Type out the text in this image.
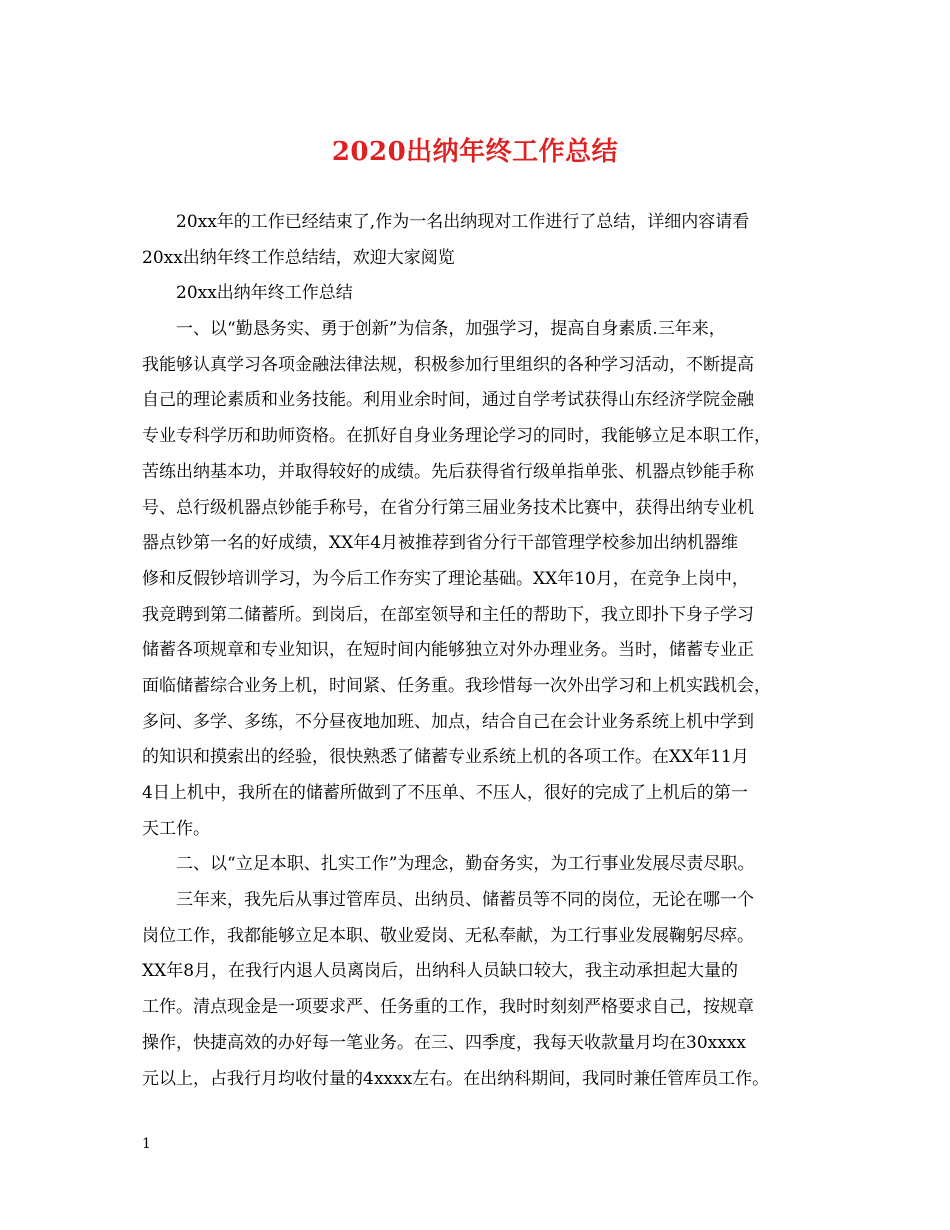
2020出纳年终工作总结
20xx年的工作已经结束了,作为一名出纳现对工作进行了总结，详细内容请看
20xx出纳年终工作总结结，欢迎大家阅览
20xx出纳年终工作总结
一、以“勤恳务实、勇于创新”为信条，加强学习，提高自身素质.三年来，
我能够认真学习各项金融法律法规，积极参加行里组织的各种学习活动，不断提高
自己的理论素质和业务技能。利用业余时间，通过自学考试获得山东经济学院金融
专业专科学历和助师资格。在抓好自身业务理论学习的同时，我能够立足本职工作，
苦练出纳基本功，并取得较好的成绩。先后获得省行级单指单张、机器点钞能手称
号、总行级机器点钞能手称号，在省分行第三届业务技术比赛中，获得出纳专业机
器点钞第一名的好成绩，XX年4月被推荐到省分行干部管理学校参加出纳机器维
修和反假钞培训学习，为今后工作夯实了理论基础。XX年10月，在竞争上岗中，
我竞聘到第二储蓄所。到岗后，在部室领导和主任的帮助下，我立即扑下身子学习
储蓄各项规章和专业知识，在短时间内能够独立对外办理业务。当时，储蓄专业正
面临储蓄综合业务上机，时间紧、任务重。我珍惜每一次外出学习和上机实践机会，
多问、多学、多练，不分昼夜地加班、加点，结合自己在会计业务系统上机中学到
的知识和摸索出的经验，很快熟悉了储蓄专业系统上机的各项工作。在XX年11月
4日上机中，我所在的储蓄所做到了不压单、不压人，很好的完成了上机后的第一
天工作。
二、以“立足本职、扎实工作”为理念，勤奋务实，为工行事业发展尽责尽职。
三年来，我先后从事过管库员、出纳员、储蓄员等不同的岗位，无论在哪一个
岗位工作，我都能够立足本职、敬业爱岗、无私奉献，为工行事业发展鞠躬尽瘁。
XX年8月，在我行内退人员离岗后，出纳科人员缺口较大，我主动承担起大量的
工作。清点现金是一项要求严、任务重的工作，我时时刻刻严格要求自己，按规章
操作，快捷高效的办好每一笔业务。在三、四季度，我每天收款量月均在30xxxx
元以上，占我行月均收付量的4xxxx左右。在出纳科期间，我同时兼任管库员工作。
1
